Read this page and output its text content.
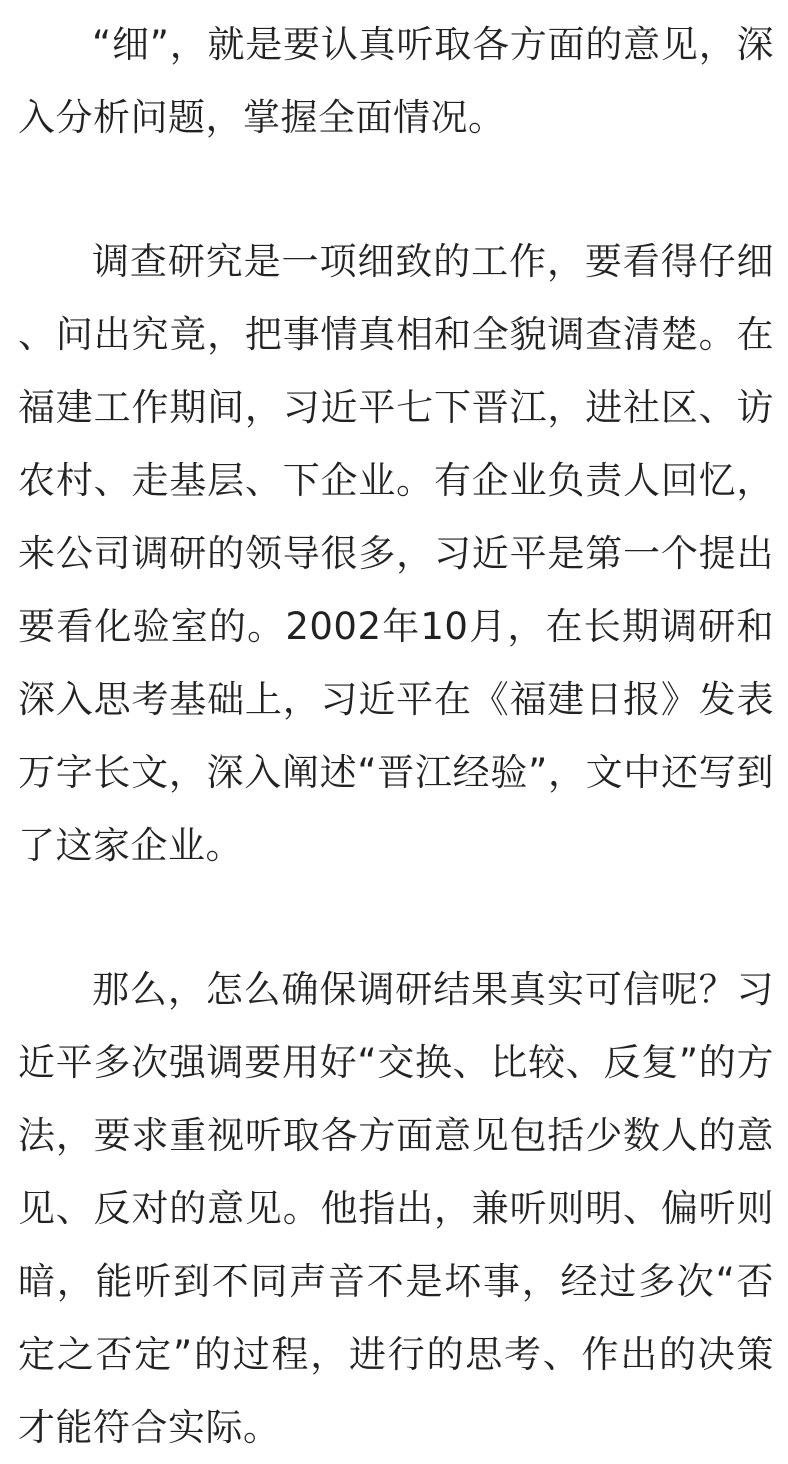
“细”，就是要认真听取各方面的意见，深入分析问题，掌握全面情况。

调查研究是一项细致的工作，要看得仔细、问出究竟，把事情真相和全貌调查清楚。在福建工作期间，习近平七下晋江，进社区、访农村、走基层、下企业。有企业负责人回忆，来公司调研的领导很多，习近平是第一个提出要看化验室的。2002年10月，在长期调研和深入思考基础上，习近平在《福建日报》发表万字长文，深入阐述“晋江经验”，文中还写到了这家企业。

那么，怎么确保调研结果真实可信呢？习近平多次强调要用好“交换、比较、反复”的方法，要求重视听取各方面意见包括少数人的意见、反对的意见。他指出，兼听则明、偏听则暗，能听到不同声音不是坏事，经过多次“否定之否定”的过程，进行的思考、作出的决策才能符合实际。
